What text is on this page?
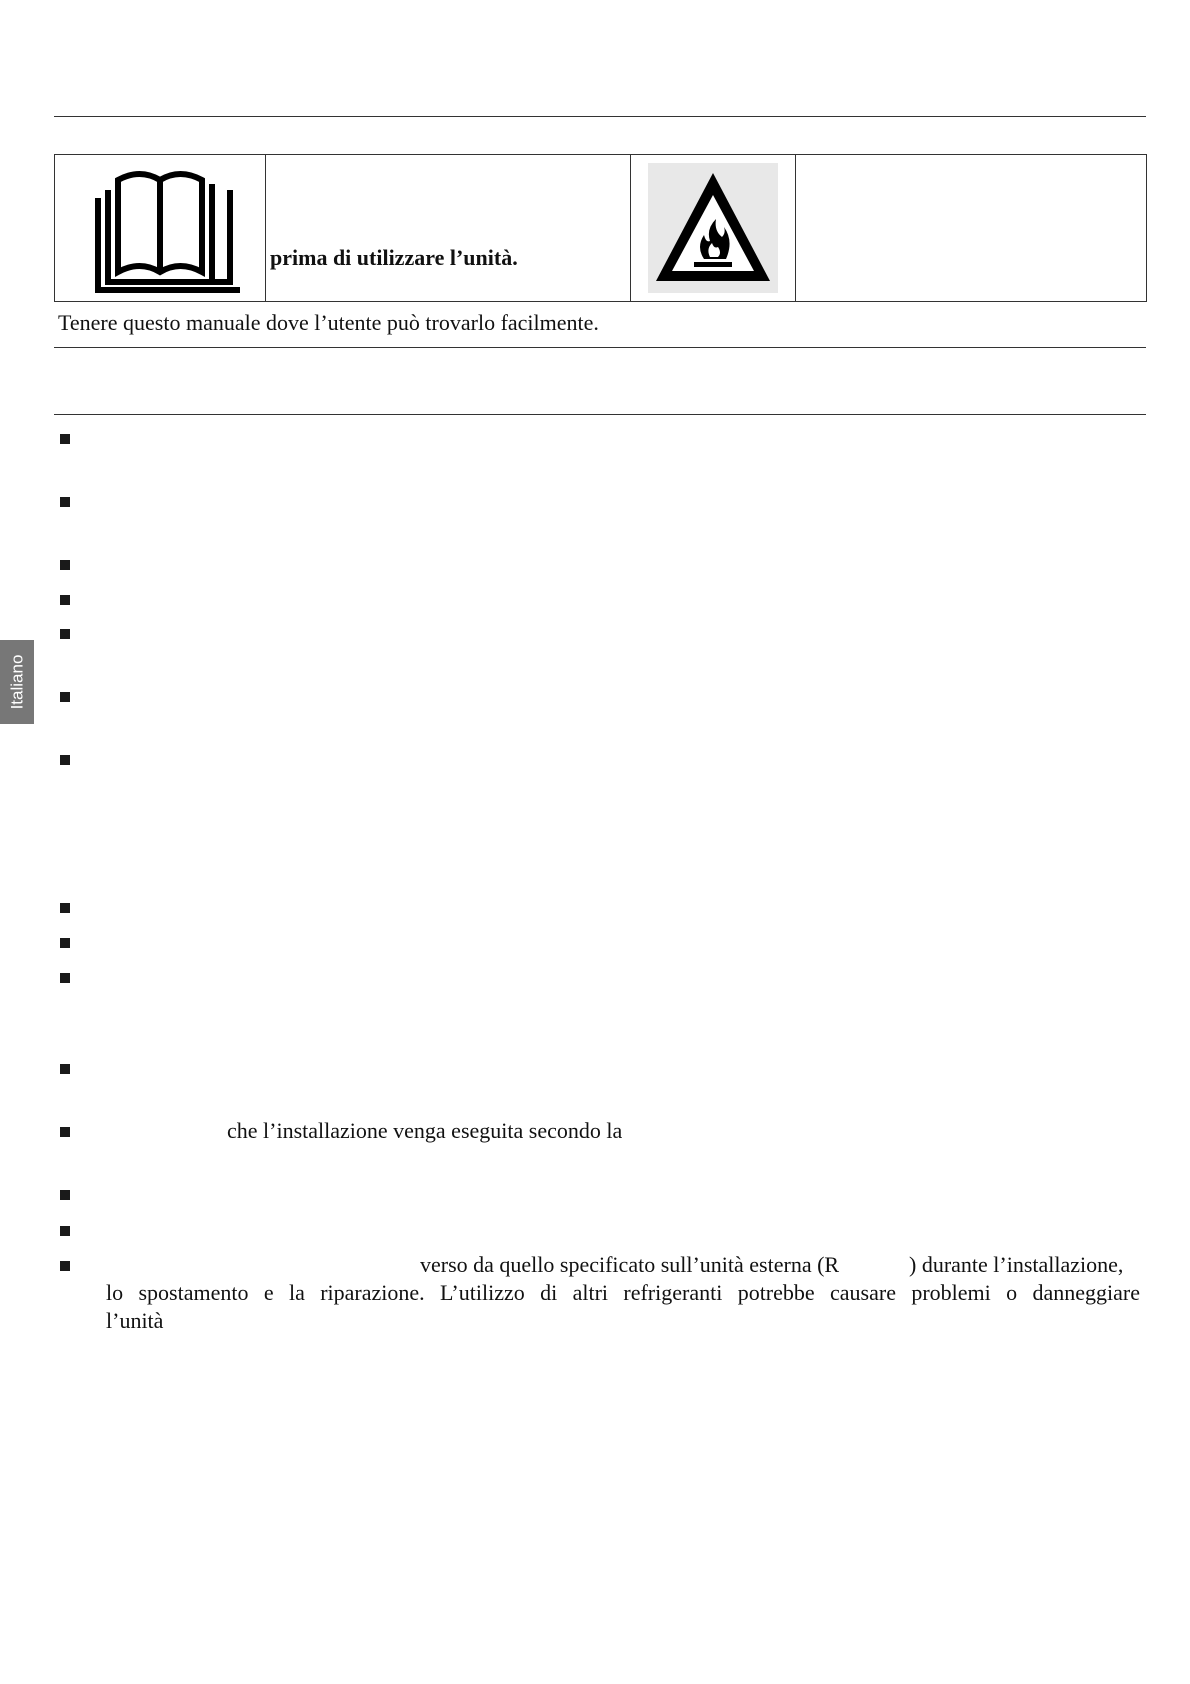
prima di utilizzare l’unità.

Tenere questo manuale dove l’utente può trovarlo facilmente.
Italiano
che l’installazione venga eseguita secondo la
verso da quello specificato sull’unità esterna (R	) durante l’installazione,
lo spostamento e la riparazione. L’utilizzo di altri refrigeranti potrebbe causare problemi o danneggiare
l’unità
